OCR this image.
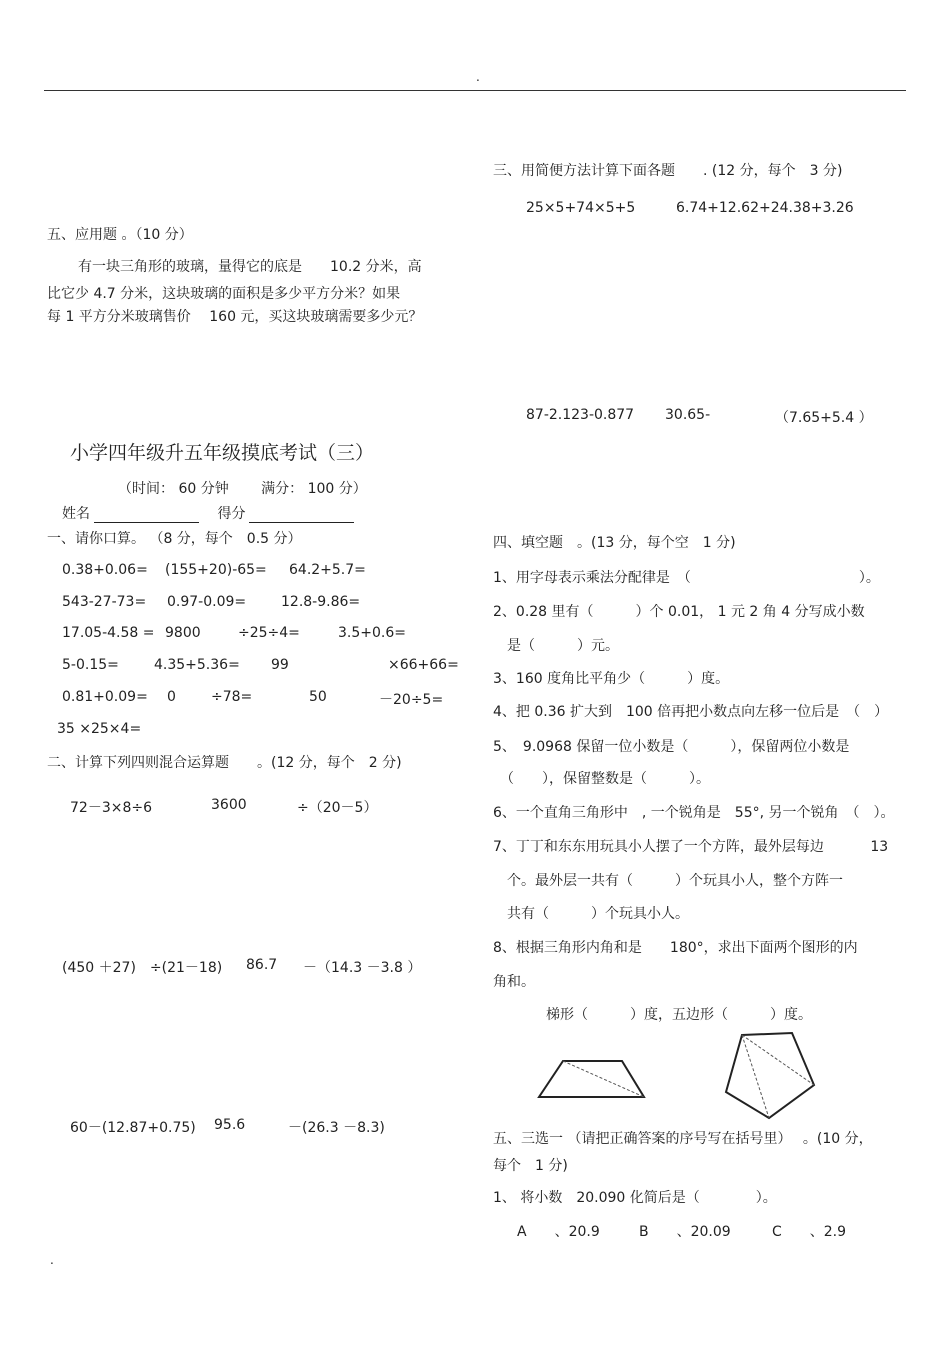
.
五、应用题 。（10 分）
有一块三角形的玻璃，量得它的底是　　10.2 分米，高
比它少 4.7 分米，这块玻璃的面积是多少平方分米？如果
每 1 平方分米玻璃售价　 160 元，买这块玻璃需要多少元？
小学四年级升五年级摸底考试（三）
（时间： 60 分钟　　 满分： 100 分）
姓名	得分
一、请你口算。 （8 分，每个　0.5 分）
0.38+0.06= (155+20)-65= 64.2+5.7=
543-27-73= 0.97-0.09= 12.8-9.86=
17.05-4.58 = 9800	÷25÷4=	3.5+0.6=
5-0.15=	4.35+5.36= 99	×66+66=
0.81+0.09= 0	÷78=	50	－20÷5=
35 ×25×4=
二、计算下列四则混合运算题　　。(12 分，每个　2 分)
72－3×8÷6	3600	÷（20－5）
(450 ＋27)　÷(21－18) 86.7 －（14.3 －3.8 ）
60－(12.87+0.75) 95.6	－(26.3 －8.3)
三、用简便方法计算下面各题　　. (12 分，每个　3 分)
25×5+74×5+5	6.74+12.62+24.38+3.26
87-2.123-0.877 30.65-	（7.65+5.4 ）
四、填空题　。(13 分，每个空　1 分)
1、用字母表示乘法分配律是　（　　　　　　　　　　　　）。
2、0.28 里有（　　　）个 0.01， 1 元 2 角 4 分写成小数
　是（　　　）元。
3、160 度角比平角少（　　　）度。
4、把 0.36 扩大到　100 倍再把小数点向左移一位后是　（　）
5、　9.0968 保留一位小数是（　　　），保留两位小数是
（　　），保留整数是（　　　）。
6、一个直角三角形中　, 一个锐角是　55°, 另一个锐角　（　）。
7、丁丁和东东用玩具小人摆了一个方阵，最外层每边　　　 13
　个。最外层一共有（　　　）个玩具小人，整个方阵一
　共有（　　　）个玩具小人。
8、根据三角形内角和是　　180°，求出下面两个图形的内
角和。
梯形（　　　）度，五边形（　　　）度。
五、三选一 （请把正确答案的序号写在括号里）　 。(10 分，
每个　1 分)
1、 将小数　20.090 化简后是（　　　　）。
A　　、20.9	B　　、20.09	C　　、2.9
.
